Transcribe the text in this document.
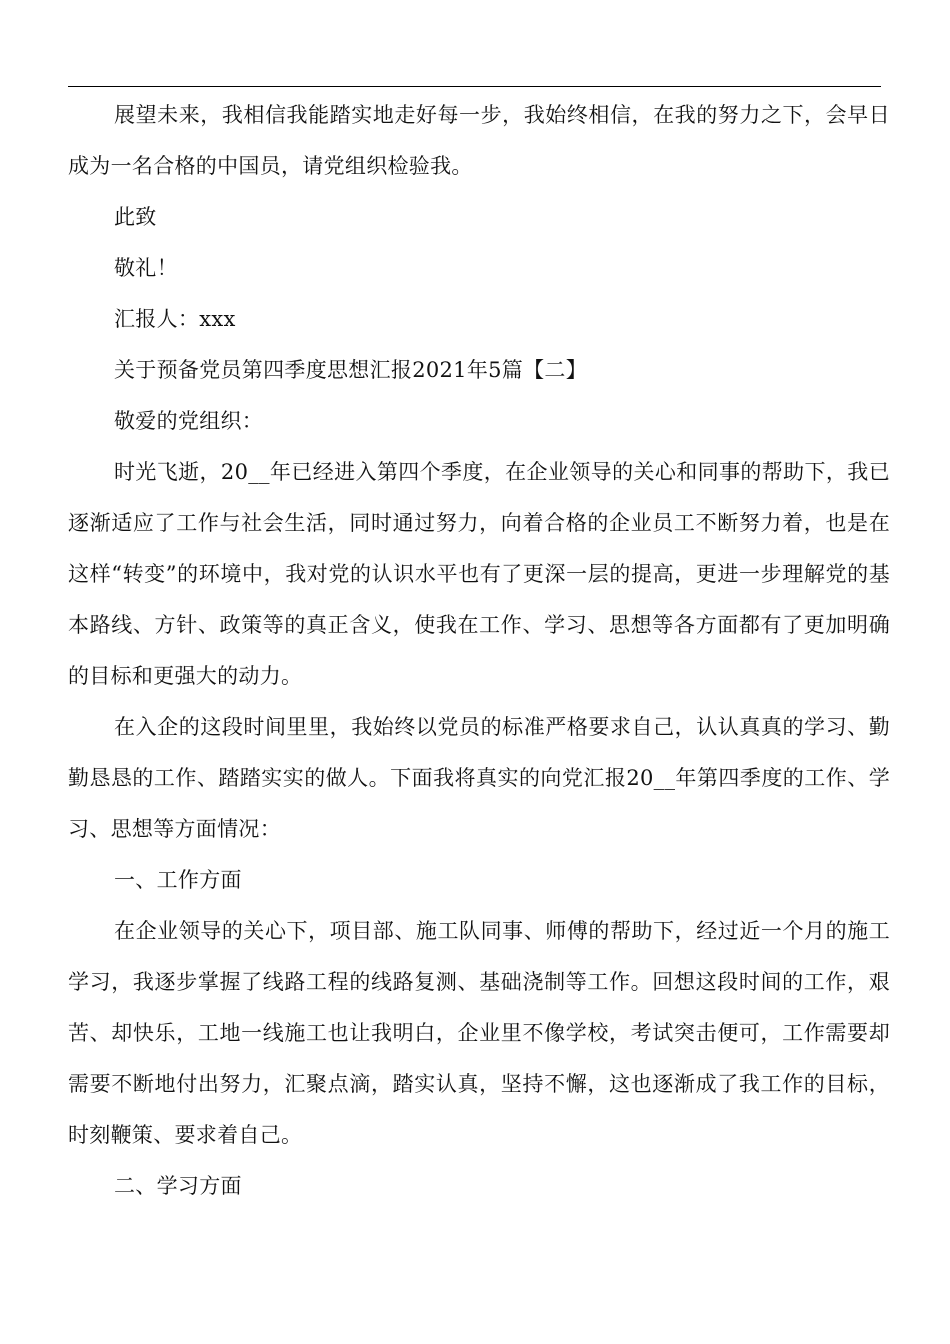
展望未来，我相信我能踏实地走好每一步，我始终相信，在我的努力之下，会早日成为一名合格的中国员，请党组织检验我。

此致

敬礼！

汇报人：xxx

关于预备党员第四季度思想汇报2021年5篇【二】

敬爱的党组织：

时光飞逝，20__年已经进入第四个季度，在企业领导的关心和同事的帮助下，我已逐渐适应了工作与社会生活，同时通过努力，向着合格的企业员工不断努力着，也是在这样“转变”的环境中，我对党的认识水平也有了更深一层的提高，更进一步理解党的基本路线、方针、政策等的真正含义，使我在工作、学习、思想等各方面都有了更加明确的目标和更强大的动力。

在入企的这段时间里里，我始终以党员的标准严格要求自己，认认真真的学习、勤勤恳恳的工作、踏踏实实的做人。下面我将真实的向党汇报20__年第四季度的工作、学习、思想等方面情况：

一、工作方面

在企业领导的关心下，项目部、施工队同事、师傅的帮助下，经过近一个月的施工学习，我逐步掌握了线路工程的线路复测、基础浇制等工作。回想这段时间的工作，艰苦、却快乐，工地一线施工也让我明白，企业里不像学校，考试突击便可，工作需要却需要不断地付出努力，汇聚点滴，踏实认真，坚持不懈，这也逐渐成了我工作的目标，时刻鞭策、要求着自己。

二、学习方面
